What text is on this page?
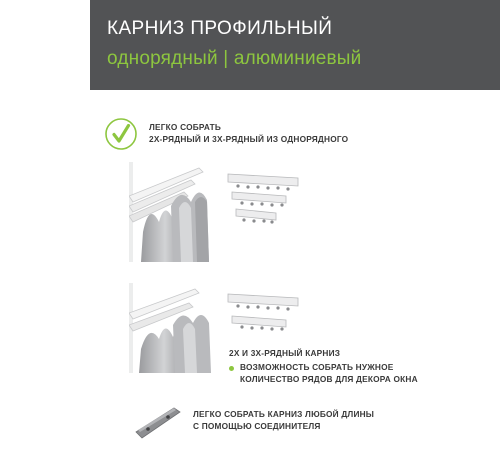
КАРНИЗ ПРОФИЛЬНЫЙ
однорядный | алюминиевый
ЛЕГКО СОБРАТЬ
2Х-РЯДНЫЙ И 3Х-РЯДНЫЙ ИЗ ОДНОРЯДНОГО
2Х И 3Х-РЯДНЫЙ КАРНИЗ
ВОЗМОЖНОСТЬ СОБРАТЬ НУЖНОЕ
КОЛИЧЕСТВО РЯДОВ ДЛЯ ДЕКОРА ОКНА
ЛЕГКО СОБРАТЬ КАРНИЗ ЛЮБОЙ ДЛИНЫ
С ПОМОЩЬЮ СОЕДИНИТЕЛЯ
